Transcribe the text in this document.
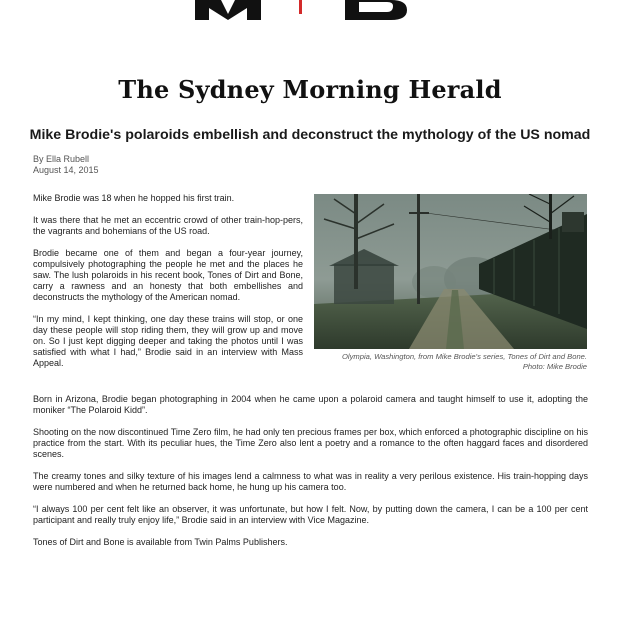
The Sydney Morning Herald
Mike Brodie's polaroids embellish and deconstruct the mythology of the US nomad
By Ella Rubell
August 14, 2015

Mike Brodie was 18 when he hopped his first train.

It was there that he met an eccentric crowd of other train-hop-pers, the vagrants and bohemians of the US road.

Brodie became one of them and began a four-year journey, compulsively photographing the people he met and the places he saw. The lush polaroids in his recent book, Tones of Dirt and Bone, carry a rawness and an honesty that both embellishes and deconstructs the mythology of the American nomad.

“In my mind, I kept thinking, one day these trains will stop, or one day these people will stop riding them, they will grow up and move on. So I just kept digging deeper and taking the photos until I was satisfied with what I had,” Brodie said in an interview with Mass Appeal.

Olympia, Washington, from Mike Brodie's series, Tones of Dirt and Bone.
Photo: Mike Brodie

Born in Arizona, Brodie began photographing in 2004 when he came upon a polaroid camera and taught himself to use it, adopting the moniker “The Polaroid Kidd”.

Shooting on the now discontinued Time Zero film, he had only ten precious frames per box, which enforced a photographic discipline on his practice from the start. With its peculiar hues, the Time Zero also lent a poetry and a romance to the often haggard faces and disordered scenes.

The creamy tones and silky texture of his images lend a calmness to what was in reality a very perilous existence. His train-hopping days were numbered and when he returned back home, he hung up his camera too.

“I always 100 per cent felt like an observer, it was unfortunate, but how I felt. Now, by putting down the camera, I can be a 100 per cent participant and really truly enjoy life,” Brodie said in an interview with Vice Magazine.

Tones of Dirt and Bone is available from Twin Palms Publishers.
